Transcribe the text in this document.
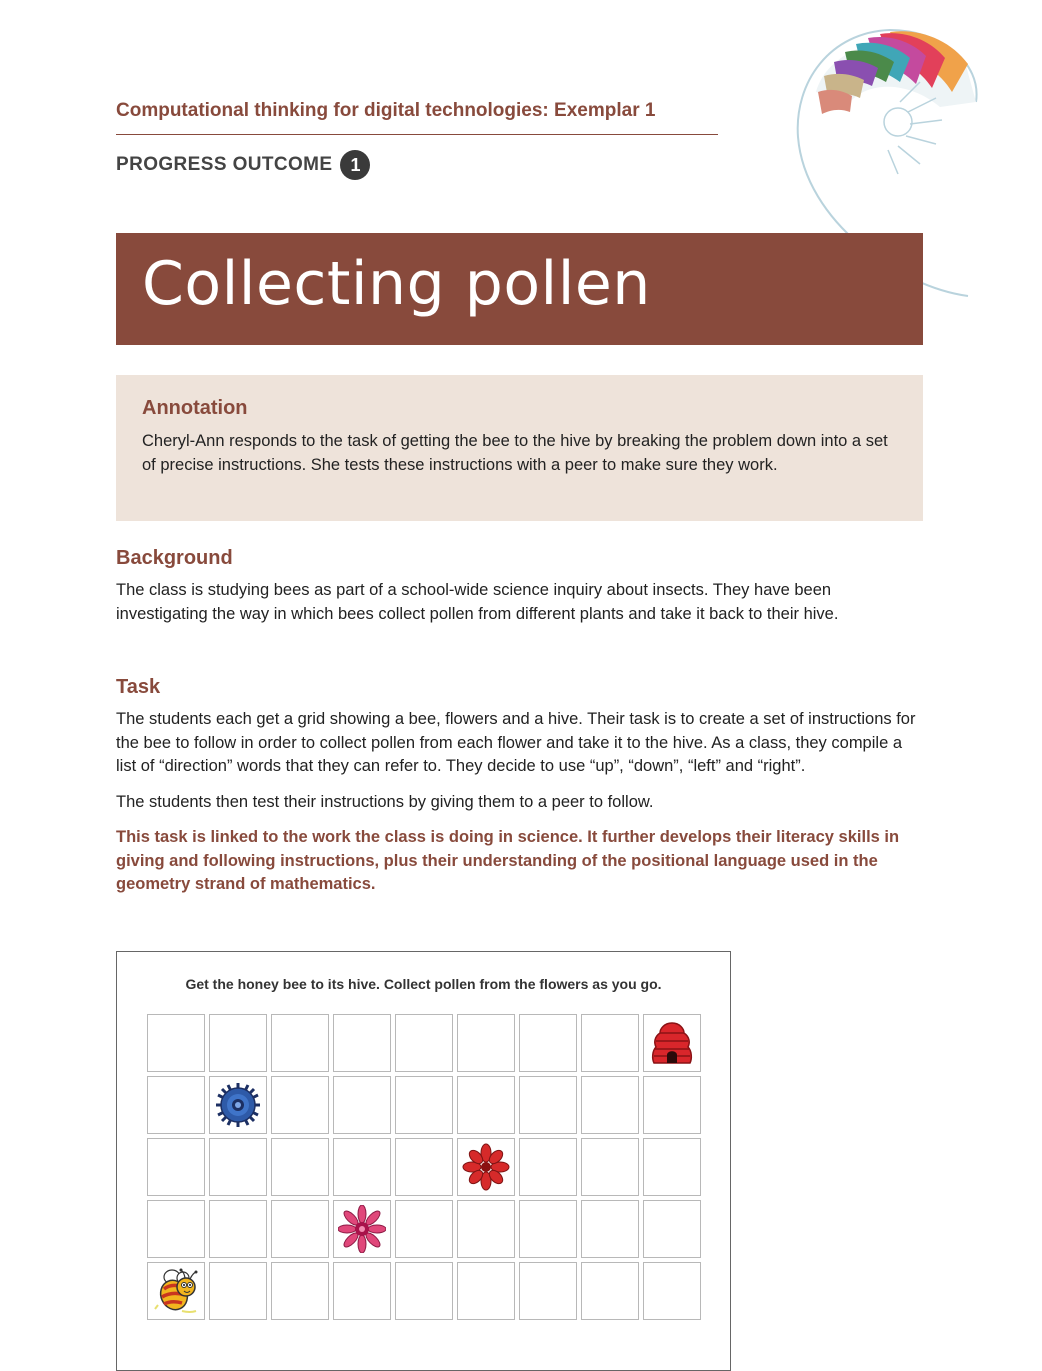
Computational thinking for digital technologies: Exemplar 1
PROGRESS OUTCOME 1
Collecting pollen
Annotation

Cheryl-Ann responds to the task of getting the bee to the hive by breaking the problem down into a set of precise instructions. She tests these instructions with a peer to make sure they work.

Background

The class is studying bees as part of a school-wide science inquiry about insects. They have been investigating the way in which bees collect pollen from different plants and take it back to their hive.

Task

The students each get a grid showing a bee, flowers and a hive. Their task is to create a set of instructions for the bee to follow in order to collect pollen from each flower and take it to the hive. As a class, they compile a list of “direction” words that they can refer to. They decide to use “up”, “down”, “left” and “right”.

The students then test their instructions by giving them to a peer to follow.

This task is linked to the work the class is doing in science. It further develops their literacy skills in giving and following instructions, plus their understanding of the positional language used in the geometry strand of mathematics.

Get the honey bee to its hive. Collect pollen from the flowers as you go.
